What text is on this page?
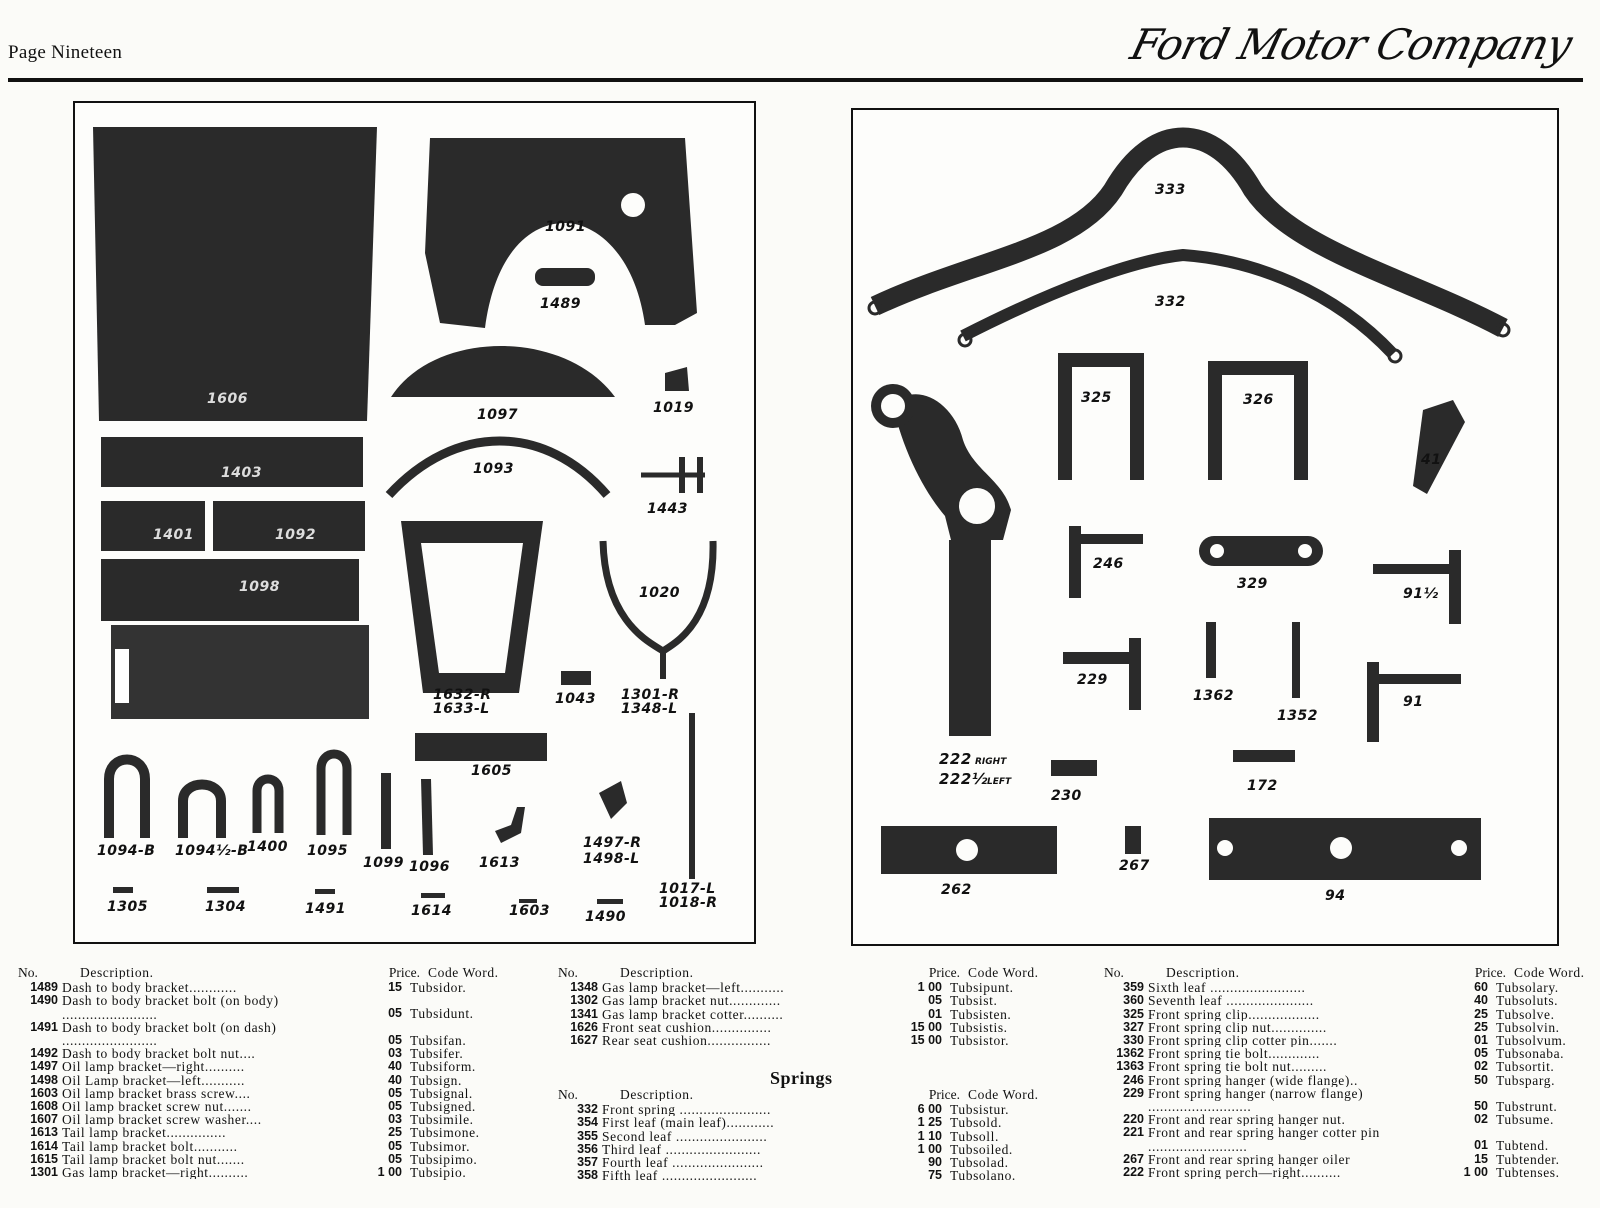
Page Nineteen	Ford Motor Company
1606
1091
1489
1403
1401	1092
1098
1097	1019
1093
1443
1020
1632-R
1633-L
1043 1301-R
1348-L
1605
1094-B 1094½-B
1400 1095
1099 1096 1613
1497-R
1498-L
1017-L
1018-R
1305	1304	1491	1614	1603	1490
333
332
325	326
41
222 RIGHT
222½ LEFT
246
329
91½
229
1362
1352
91
230
172
262
267
94
No.	Description.	Price. Code Word.
1489 Dash to body bracket............	15 Tubsidor.
1490 Dash to body bracket bolt (on body) ........................	05 Tubsidunt.
1491 Dash to body bracket bolt (on dash) ........................	05 Tubsifan.
1492 Dash to body bracket bolt nut....	03 Tubsifer.
1497 Oil lamp bracket—right..........	40 Tubsiform.
1498 Oil Lamp bracket—left...........	40 Tubsign.
1603 Oil lamp bracket brass screw....	05 Tubsignal.
1608 Oil lamp bracket screw nut.......	05 Tubsigned.
1607 Oil lamp bracket screw washer....	03 Tubsimile.
1613 Tail lamp bracket...............	25 Tubsimone.
1614 Tail lamp bracket bolt...........	05 Tubsimor.
1615 Tail lamp bracket bolt nut.......	05 Tubsipimo.
1301 Gas lamp bracket—right..........	1 00 Tubsipio.
No.	Description.	Price. Code Word.
1348 Gas lamp bracket—left...........	1 00 Tubsipunt.
1302 Gas lamp bracket nut.............	05 Tubsist.
1341 Gas lamp bracket cotter..........	01 Tubsisten.
1626 Front seat cushion...............	15 00 Tubsistis.
1627 Rear seat cushion................	15 00 Tubsistor.
Springs
No.	Description.	Price. Code Word.
332 Front spring .......................	6 00 Tubsistur.
354 First leaf (main leaf)............	1 25 Tubsold.
355 Second leaf .......................	1 10 Tubsoll.
356 Third leaf ........................	1 00 Tubsoiled.
357 Fourth leaf .......................	90 Tubsolad.
358 Fifth leaf ........................	75 Tubsolano.
No.	Description.	Price. Code Word.
359 Sixth leaf ........................	60 Tubsolary.
360 Seventh leaf ......................	40 Tubsoluts.
325 Front spring clip..................	25 Tubsolve.
327 Front spring clip nut..............	25 Tubsolvin.
330 Front spring clip cotter pin.......	01 Tubsolvum.
1362 Front spring tie bolt.............	05 Tubsonaba.
1363 Front spring tie bolt nut.........	02 Tubsortit.
246 Front spring hanger (wide flange)..	50 Tubsparg.
229 Front spring hanger (narrow flange) ..........................	50 Tubstrunt.
220 Front and rear spring hanger nut.	02 Tubsume.
221 Front and rear spring hanger cotter pin .........................	01 Tubtend.
267 Front and rear spring hanger oiler	15 Tubtender.
222 Front spring perch—right..........	1 00 Tubtenses.
